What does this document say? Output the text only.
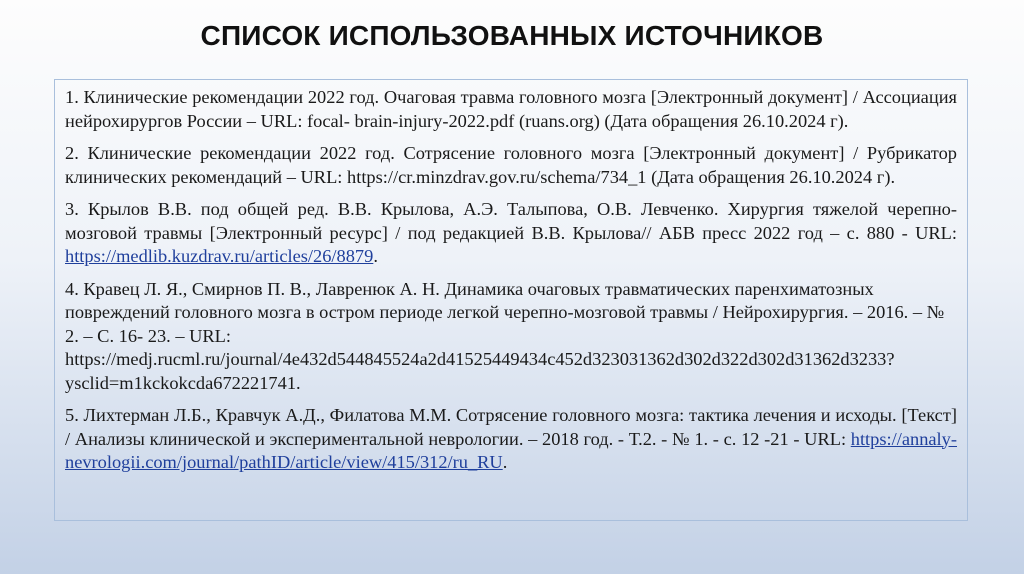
СПИСОК ИСПОЛЬЗОВАННЫХ ИСТОЧНИКОВ

1. Клинические рекомендации 2022 год. Очаговая травма головного мозга [Электронный документ] / Ассоциация нейрохирургов России – URL: focal- brain-injury-2022.pdf (ruans.org) (Дата обращения 26.10.2024 г).

2. Клинические рекомендации 2022 год. Сотрясение головного мозга [Электронный документ] / Рубрикатор клинических рекомендаций – URL: https://cr.minzdrav.gov.ru/schema/734_1 (Дата обращения 26.10.2024 г).

3. Крылов В.В. под общей ред. В.В. Крылова, А.Э. Талыпова, О.В. Левченко. Хирургия тяжелой черепно-мозговой травмы [Электронный ресурс] / под редакцией В.В. Крылова// АБВ пресс 2022 год – с. 880 - URL: https://medlib.kuzdrav.ru/articles/26/8879.

4. Кравец Л. Я., Смирнов П. В., Лавренюк А. Н. Динамика очаговых травматических паренхиматозных повреждений головного мозга в остром периоде легкой черепно-мозговой травмы / Нейрохирургия. – 2016. – № 2. – С. 16- 23. – URL: https://medj.rucml.ru/journal/4e432d544845524a2d41525449434c452d323031362d302d322d302d31362d3233?ysclid=m1kckokcda672221741.

5. Лихтерман Л.Б., Кравчук А.Д., Филатова М.М. Сотрясение головного мозга: тактика лечения и исходы. [Текст] / Анализы клинической и экспериментальной неврологии. – 2018 год. - Т.2. - № 1. - с. 12 -21 - URL: https://annaly-nevrologii.com/journal/pathID/article/view/415/312/ru_RU.
